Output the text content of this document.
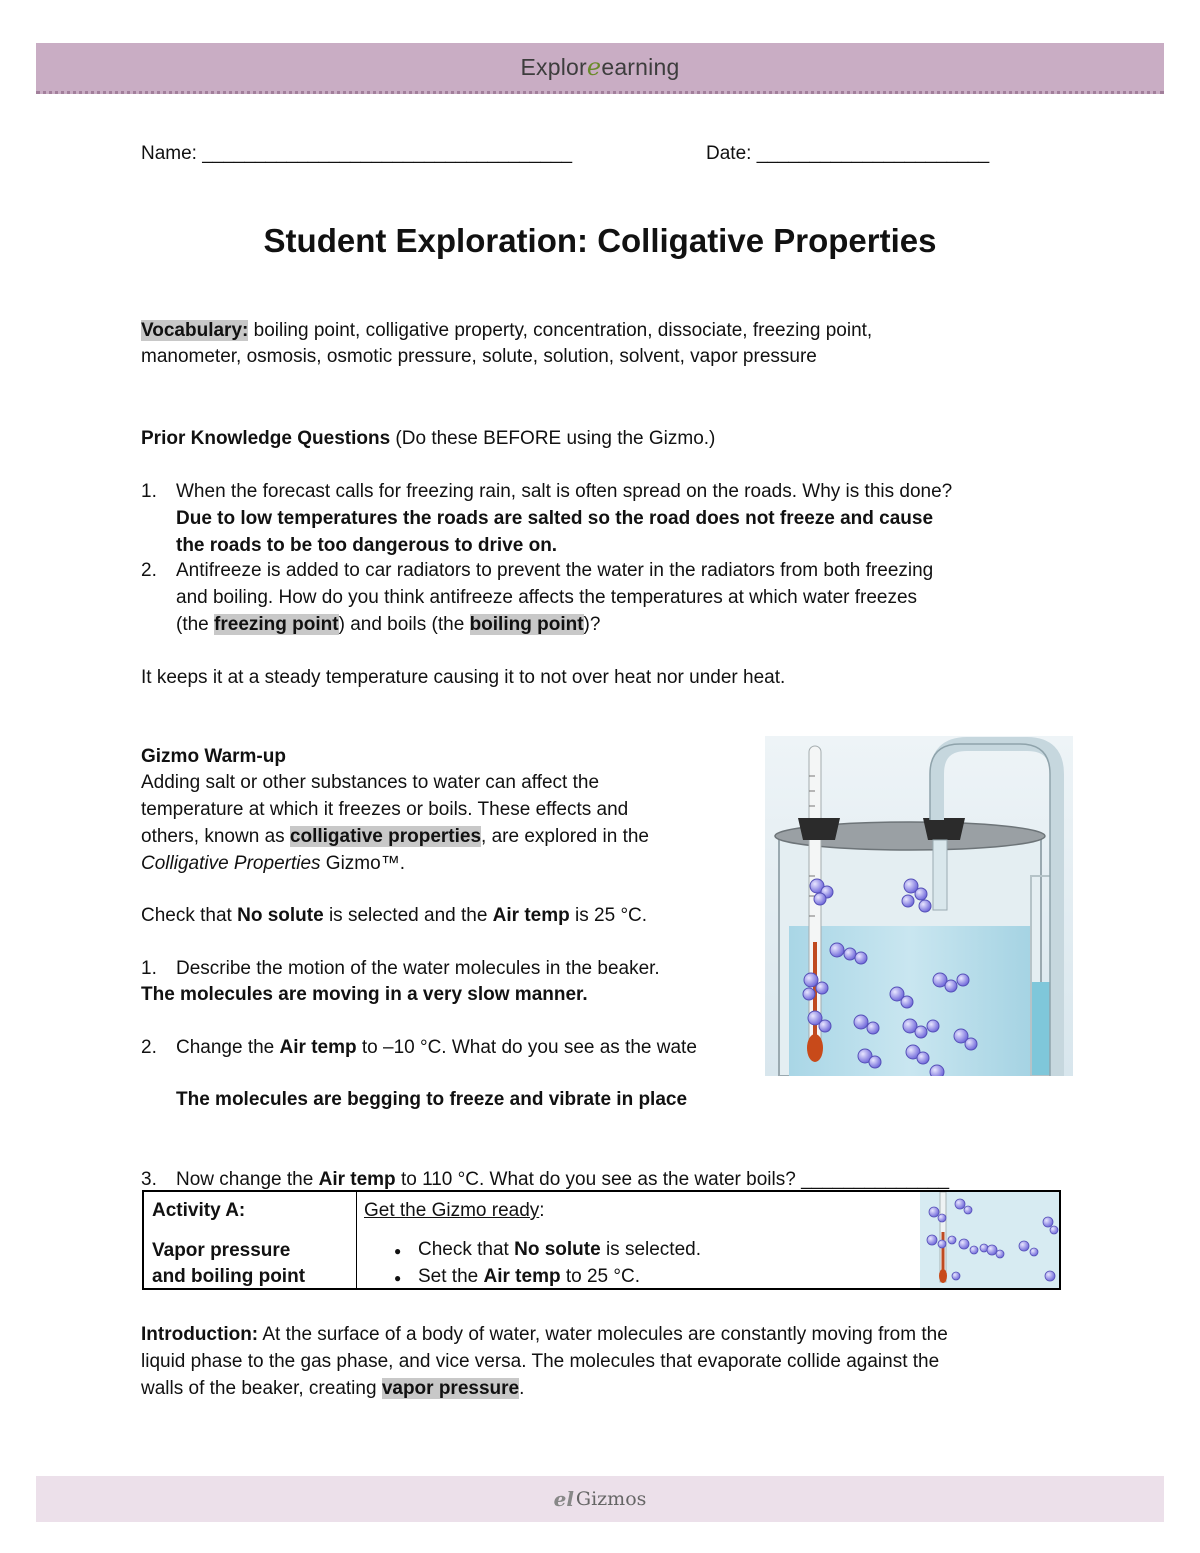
Exploreearning
Name: ___________________________________	Date: ______________________
Student Exploration: Colligative Properties
Vocabulary: boiling point, colligative property, concentration, dissociate, freezing point,
manometer, osmosis, osmotic pressure, solute, solution, solvent, vapor pressure
Prior Knowledge Questions (Do these BEFORE using the Gizmo.)
1. When the forecast calls for freezing rain, salt is often spread on the roads. Why is this done?
Due to low temperatures the roads are salted so the road does not freeze and cause
the roads to be too dangerous to drive on.
2. Antifreeze is added to car radiators to prevent the water in the radiators from both freezing
and boiling. How do you think antifreeze affects the temperatures at which water freezes
(the freezing point) and boils (the boiling point)?
It keeps it at a steady temperature causing it to not over heat nor under heat.
Gizmo Warm-up
Adding salt or other substances to water can affect the
temperature at which it freezes or boils. These effects and
others, known as colligative properties, are explored in the
Colligative Properties Gizmo™.
Check that No solute is selected and the Air temp is 25 °C.
1. Describe the motion of the water molecules in the beaker.
The molecules are moving in a very slow manner.
2. Change the Air temp to –10 °C. What do you see as the wate
The molecules are begging to freeze and vibrate in place
3. Now change the Air temp to 110 °C. What do you see as the water boils? ______________
Activity A:
Vapor pressure
and boiling point
Get the Gizmo ready:
● Check that No solute is selected.
● Set the Air temp to 25 °C.
Introduction: At the surface of a body of water, water molecules are constantly moving from the
liquid phase to the gas phase, and vice versa. The molecules that evaporate collide against the
walls of the beaker, creating vapor pressure.
el Gizmos
